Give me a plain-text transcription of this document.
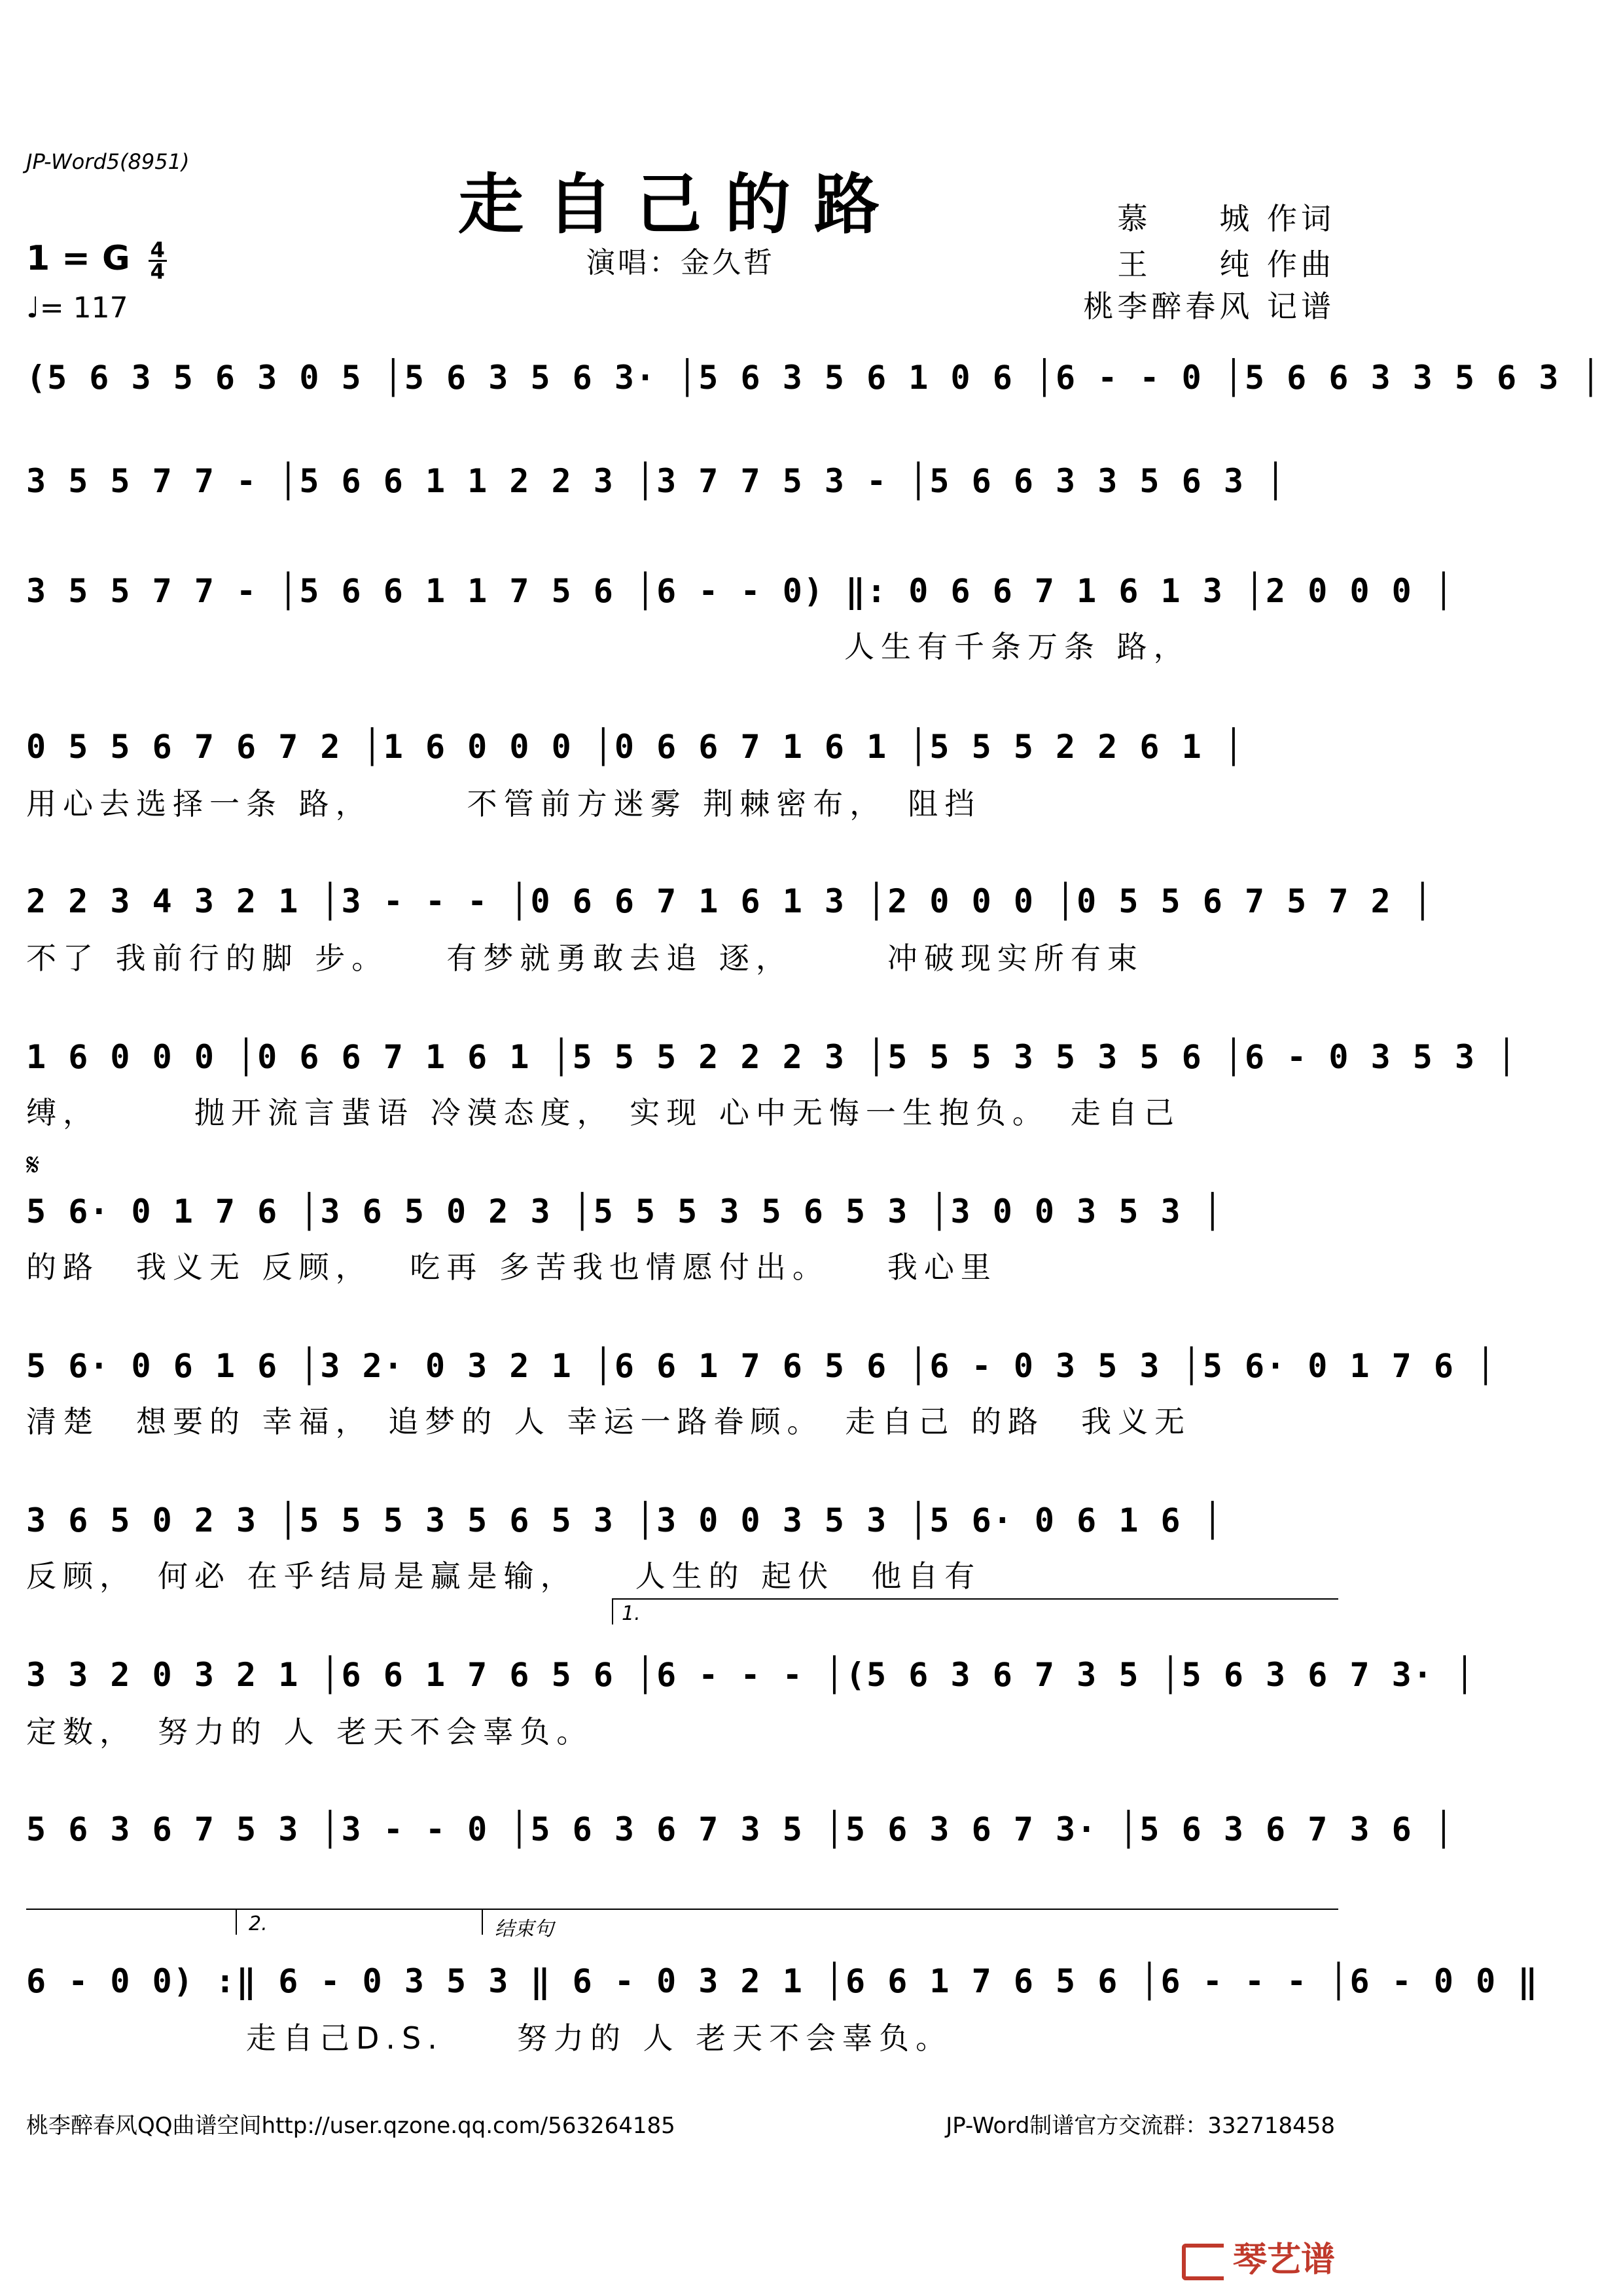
JP-Word5(8951)
走自己的路
演唱：金久哲
慕　　城 作词
王　　纯 作曲
桃李醉春风 记谱
1 = G $\frac{4}{4}$
♩= 117
(5 6 3 5 6 3 0 5 │5 6 3 5 6 3· │5 6 3 5 6 1 0 6 │6 - - 0 │5 6 6 3 3 5 6 3 │
3 5 5 7 7 - │5 6 6 1 1 2 2 3 │3 7 7 5 3 - │5 6 6 3 3 5 6 3 │
3 5 5 7 7 - │5 6 6 1 1 7 5 6 │6 - - 0) ‖: 0 6 6 7 1 6 1 3 │2 0 0 0 │
人生有千条万条 路，
0 5 5 6 7 6 7 2 │1 6 0 0 0 │0 6 6 7 1 6 1 │5 5 5 2 2 6 1 │
用心去选择一条 路，　　　不管前方迷雾 荆棘密布，　阻挡
2 2 3 4 3 2 1 │3 - - - │0 6 6 7 1 6 1 3 │2 0 0 0 │0 5 5 6 7 5 7 2 │
不了 我前行的脚 步。　　有梦就勇敢去追 逐，　　　冲破现实所有束
1 6 0 0 0 │0 6 6 7 1 6 1 │5 5 5 2 2 2 3 │5 5 5 3 5 3 5 6 │6 - 0 3 5 3 │
缚，　　　抛开流言蜚语 冷漠态度， 实现 心中无悔一生抱负。　走自己
𝄋
5 6· 0 1 7 6 │3 6 5 0 2 3 │5 5 5 3 5 6 5 3 │3 0 0 3 5 3 │
的路　我义无 反顾，　 吃再 多苦我也情愿付出。　　我心里
5 6· 0 6 1 6 │3 2· 0 3 2 1 │6 6 1 7 6 5 6 │6 - 0 3 5 3 │5 6· 0 1 7 6 │
清楚　想要的 幸福， 追梦的 人 幸运一路眷顾。　走自己 的路　我义无
3 6 5 0 2 3 │5 5 5 3 5 6 5 3 │3 0 0 3 5 3 │5 6· 0 6 1 6 │
反顾，　何必 在乎结局是赢是输，　　人生的 起伏　他自有
1.
3 3 2 0 3 2 1 │6 6 1 7 6 5 6 │6 - - - │(5 6 3 6 7 3 5 │5 6 3 6 7 3· │
定数，　努力的 人 老天不会辜负。
5 6 3 6 7 5 3 │3 - - 0 │5 6 3 6 7 3 5 │5 6 3 6 7 3· │5 6 3 6 7 3 6 │
2.	结束句
6 - 0 0) :‖ 6 - 0 3 5 3 ‖ 6 - 0 3 2 1 │6 6 1 7 6 5 6 │6 - - - │6 - 0 0 ‖
　　　　　　走自己D.S.　　努力的 人 老天不会辜负。
桃李醉春风QQ曲谱空间http://user.qzone.qq.com/563264185	JP-Word制谱官方交流群：332718458
琴艺谱
